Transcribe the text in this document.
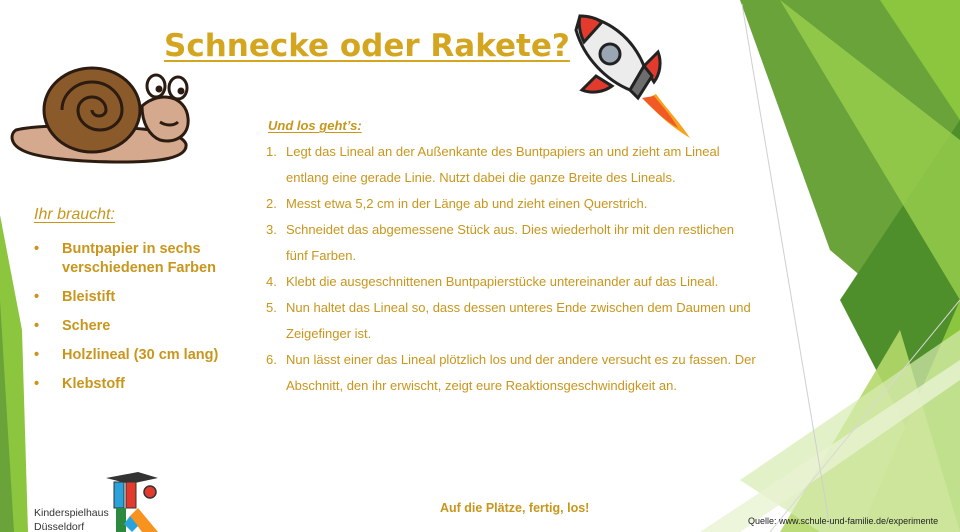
Schnecke oder Rakete?
Ihr braucht:
• Buntpapier in sechs verschiedenen Farben
• Bleistift
• Schere
• Holzlineal (30 cm lang)
• Klebstoff
Und los geht’s:
1. Legt das Lineal an der Außenkante des Buntpapiers an und zieht am Lineal entlang eine gerade Linie. Nutzt dabei die ganze Breite des Lineals.
2. Messt etwa 5,2 cm in der Länge ab und zieht einen Querstrich.
3. Schneidet das abgemessene Stück aus. Dies wiederholt ihr mit den restlichen fünf Farben.
4. Klebt die ausgeschnittenen Buntpapierstücke untereinander auf das Lineal.
5. Nun haltet das Lineal so, dass dessen unteres Ende zwischen dem Daumen und Zeigefinger ist.
6. Nun lässt einer das Lineal plötzlich los und der andere versucht es zu fassen. Der Abschnitt, den ihr erwischt, zeigt eure Reaktionsgeschwindigkeit an.

Auf die Plätze, fertig, los!

Quelle: www.schule-und-familie.de/experimente

Kinderspielhaus
Düsseldorf
